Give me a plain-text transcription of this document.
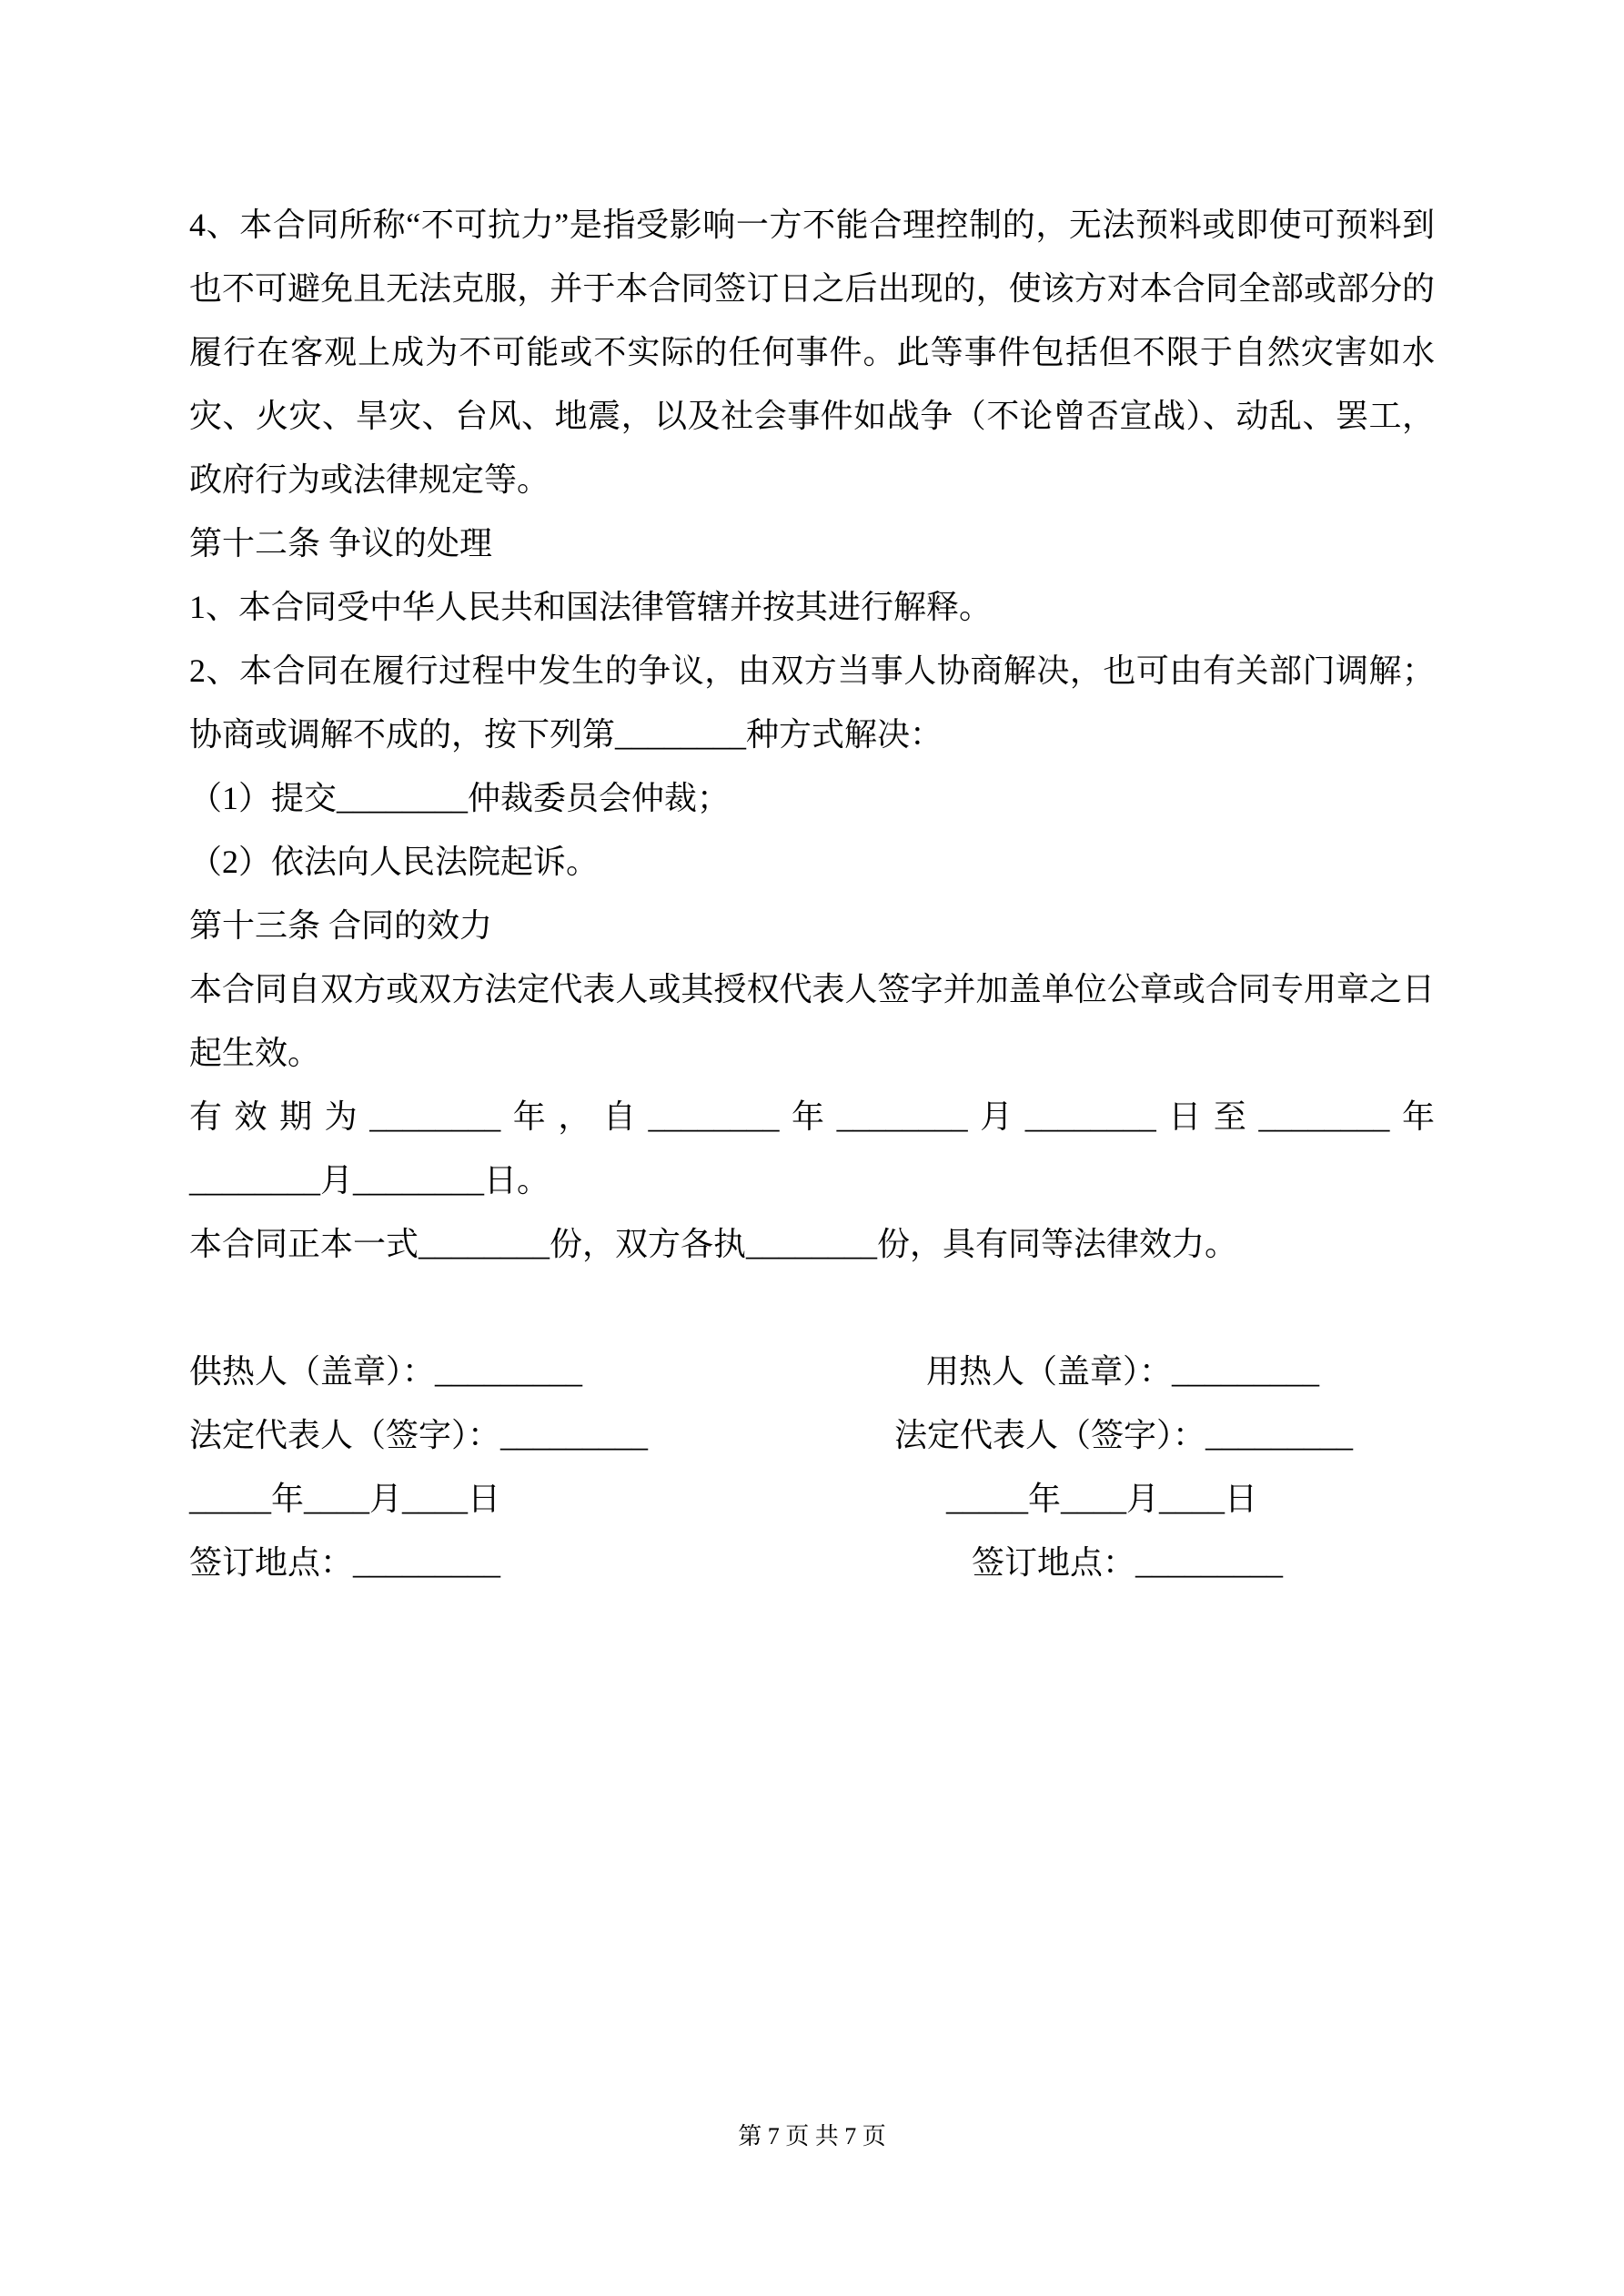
4、本合同所称“不可抗力”是指受影响一方不能合理控制的，无法预料或即使可预料到也不可避免且无法克服，并于本合同签订日之后出现的，使该方对本合同全部或部分的履行在客观上成为不可能或不实际的任何事件。此等事件包括但不限于自然灾害如水灾、火灾、旱灾、台风、地震，以及社会事件如战争（不论曾否宣战）、动乱、罢工，政府行为或法律规定等。

第十二条 争议的处理

1、本合同受中华人民共和国法律管辖并按其进行解释。

2、本合同在履行过程中发生的争议，由双方当事人协商解决，也可由有关部门调解；协商或调解不成的，按下列第________种方式解决：

（1）提交________仲裁委员会仲裁；

（2）依法向人民法院起诉。

第十三条 合同的效力

本合同自双方或双方法定代表人或其授权代表人签字并加盖单位公章或合同专用章之日起生效。

有效期为________年，自________年________月________日至________年

________月________日。

本合同正本一式________份，双方各执________份，具有同等法律效力。

供热人（盖章）：_________	用热人（盖章）：_________
法定代表人（签字）：_________	法定代表人（签字）：_________
_____年____月____日	_____年____月____日
签订地点：_________	签订地点：_________
第 7 页 共 7 页
